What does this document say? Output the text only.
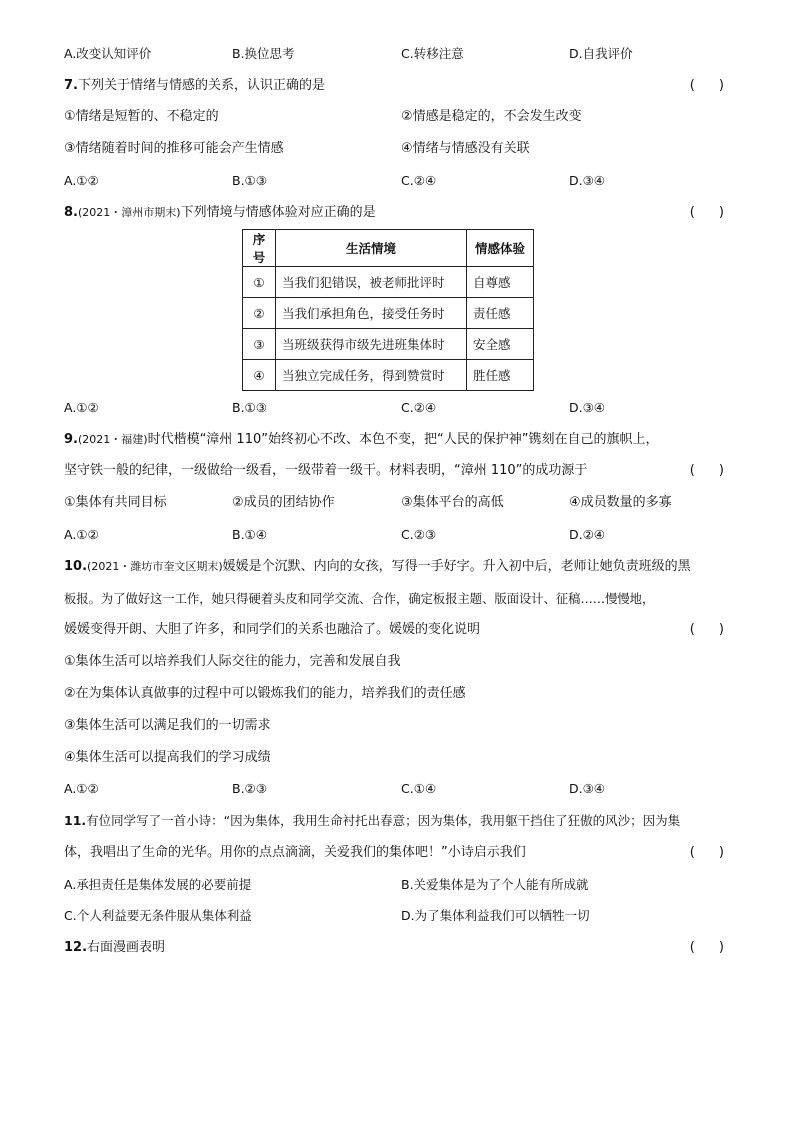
A.改变认知评价	B.换位思考	C.转移注意	D.自我评价
7.下列关于情绪与情感的关系，认识正确的是	( )
①情绪是短暂的、不稳定的	②情感是稳定的，不会发生改变
③情绪随着时间的推移可能会产生情感	④情绪与情感没有关联
A.①②	B.①③	C.②④	D.③④
8.(2021・漳州市期末)下列情境与情感体验对应正确的是	( )
序号	生活情境	情感体验
①	当我们犯错误，被老师批评时	自尊感
②	当我们承担角色，接受任务时	责任感
③	当班级获得市级先进班集体时	安全感
④	当独立完成任务，得到赞赏时	胜任感
A.①②	B.①③	C.②④	D.③④
9.(2021・福建)时代楷模“漳州 110”始终初心不改、本色不变，把“人民的保护神”镌刻在自己的旗帜上，
坚守铁一般的纪律，一级做给一级看，一级带着一级干。材料表明，“漳州 110”的成功源于	( )
①集体有共同目标	②成员的团结协作	③集体平台的高低	④成员数量的多寡
A.①②	B.①④	C.②③	D.②④
10.(2021・潍坊市奎文区期末)媛媛是个沉默、内向的女孩，写得一手好字。升入初中后，老师让她负责班级的黑
板报。为了做好这一工作，她只得硬着头皮和同学交流、合作，确定板报主题、版面设计、征稿……慢慢地，
媛媛变得开朗、大胆了许多，和同学们的关系也融洽了。媛媛的变化说明	( )
①集体生活可以培养我们人际交往的能力，完善和发展自我
②在为集体认真做事的过程中可以锻炼我们的能力，培养我们的责任感
③集体生活可以满足我们的一切需求
④集体生活可以提高我们的学习成绩
A.①②	B.②③	C.①④	D.③④
11.有位同学写了一首小诗：“因为集体，我用生命衬托出春意；因为集体，我用躯干挡住了狂傲的风沙；因为集
体，我唱出了生命的光华。用你的点点滴滴，关爱我们的集体吧！”小诗启示我们	( )
A.承担责任是集体发展的必要前提	B.关爱集体是为了个人能有所成就
C.个人利益要无条件服从集体利益	D.为了集体利益我们可以牺牲一切
12.右面漫画表明	( )
